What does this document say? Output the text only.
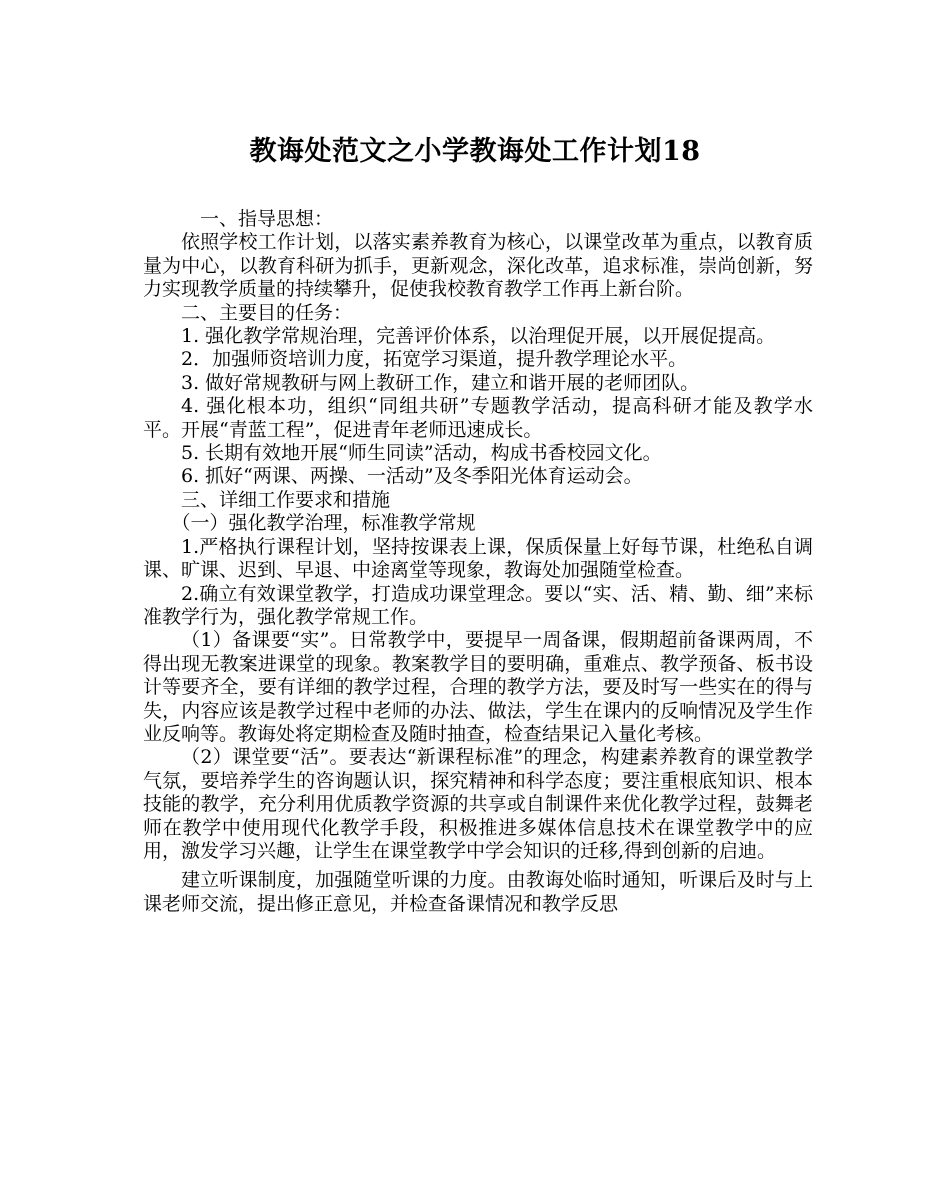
教诲处范文之小学教诲处工作计划18

一、指导思想：

依照学校工作计划，以落实素养教育为核心，以课堂改革为重点，以教育质量为中心，以教育科研为抓手，更新观念，深化改革，追求标准，崇尚创新，努力实现教学质量的持续攀升，促使我校教育教学工作再上新台阶。

二、主要目的任务：

1. 强化教学常规治理，完善评价体系，以治理促开展，以开展促提高。

2．加强师资培训力度，拓宽学习渠道，提升教学理论水平。

3. 做好常规教研与网上教研工作，建立和谐开展的老师团队。

4. 强化根本功，组织“同组共研”专题教学活动，提高科研才能及教学水平。开展“青蓝工程”，促进青年老师迅速成长。

5. 长期有效地开展“师生同读”活动，构成书香校园文化。

6. 抓好“两课、两操、一活动”及冬季阳光体育运动会。

三、详细工作要求和措施

（一）强化教学治理，标准教学常规

1.严格执行课程计划，坚持按课表上课，保质保量上好每节课，杜绝私自调课、旷课、迟到、早退、中途离堂等现象，教诲处加强随堂检查。

2.确立有效课堂教学，打造成功课堂理念。要以“实、活、精、勤、细”来标准教学行为，强化教学常规工作。

（1）备课要“实”。日常教学中，要提早一周备课，假期超前备课两周，不得出现无教案进课堂的现象。教案教学目的要明确，重难点、教学预备、板书设计等要齐全，要有详细的教学过程，合理的教学方法，要及时写一些实在的得与失，内容应该是教学过程中老师的办法、做法，学生在课内的反响情况及学生作业反响等。教诲处将定期检查及随时抽查，检查结果记入量化考核。

（2）课堂要“活”。要表达“新课程标准”的理念，构建素养教育的课堂教学气氛，要培养学生的咨询题认识，探究精神和科学态度；要注重根底知识、根本技能的教学，充分利用优质教学资源的共享或自制课件来优化教学过程，鼓舞老师在教学中使用现代化教学手段，积极推进多媒体信息技术在课堂教学中的应用，激发学习兴趣，让学生在课堂教学中学会知识的迁移,得到创新的启迪。

建立听课制度，加强随堂听课的力度。由教诲处临时通知，听课后及时与上课老师交流，提出修正意见，并检查备课情况和教学反思
